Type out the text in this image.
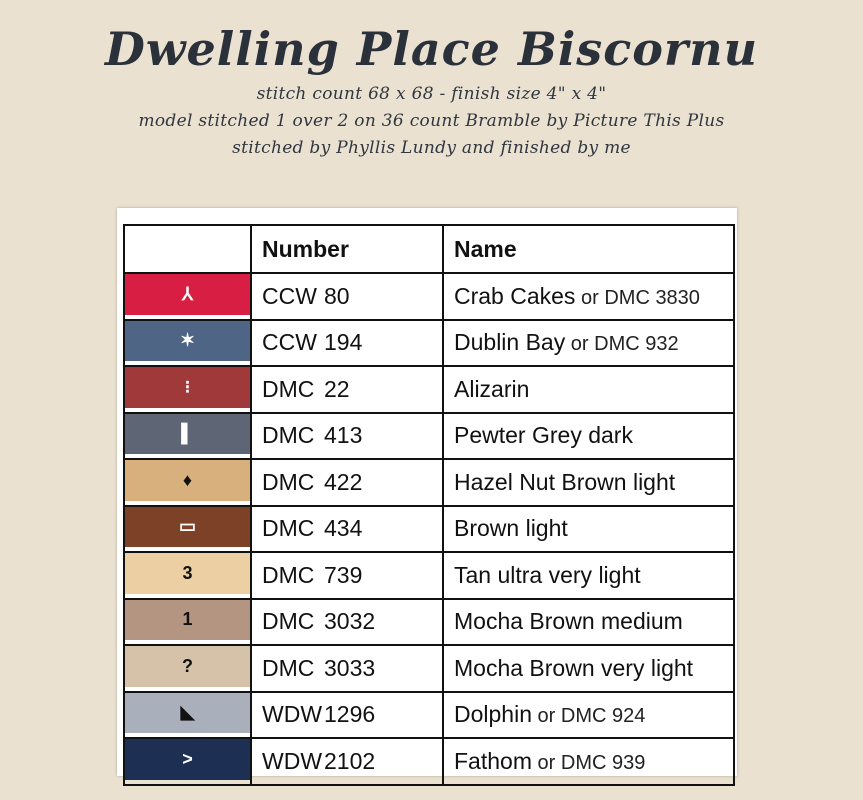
Dwelling Place Biscornu
stitch count 68 x 68 - finish size 4" x 4"
model stitched 1 over 2 on 36 count Bramble by Picture This Plus
stitched by Phyllis Lundy and finished by me
	Number	Name

⅄	CCW 80	Crab Cakes or DMC 3830

✶	CCW 194	Dublin Bay or DMC 932

⁝	DMC 22	Alizarin

▌	DMC 413	Pewter Grey dark

♦	DMC 422	Hazel Nut Brown light

▭	DMC 434	Brown light

3	DMC 739	Tan ultra very light

1	DMC 3032	Mocha Brown medium

?	DMC 3033	Mocha Brown very light

◣	WDW1296	Dolphin or DMC 924

>	WDW2102	Fathom or DMC 939
